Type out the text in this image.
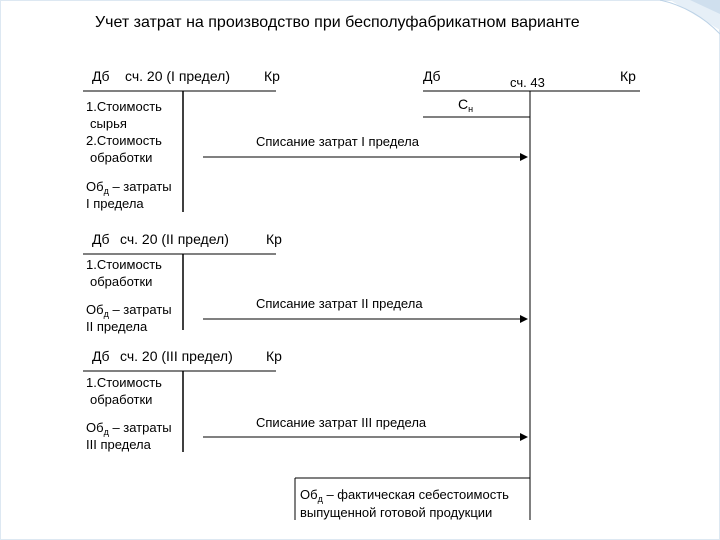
Учет затрат на производство при бесполуфабрикатном варианте
Дб сч. 20 (I предел) Кр	Дб	сч. 43	Кр
$С_н$
1.Стоимость
сырья
2.Стоимость
обработки
$Об_д$ – затраты
I предела
Списание затрат I предела
Дб сч. 20 (II предел)	Кр
1.Стоимость
обработки
$Об_д$ – затраты
II предела
Списание затрат II предела
Дб сч. 20 (III предел) Кр
1.Стоимость
обработки
$Об_д$ – затраты
III предела
Списание затрат III предела
$Об_д$ – фактическая себестоимость
выпущенной готовой продукции
